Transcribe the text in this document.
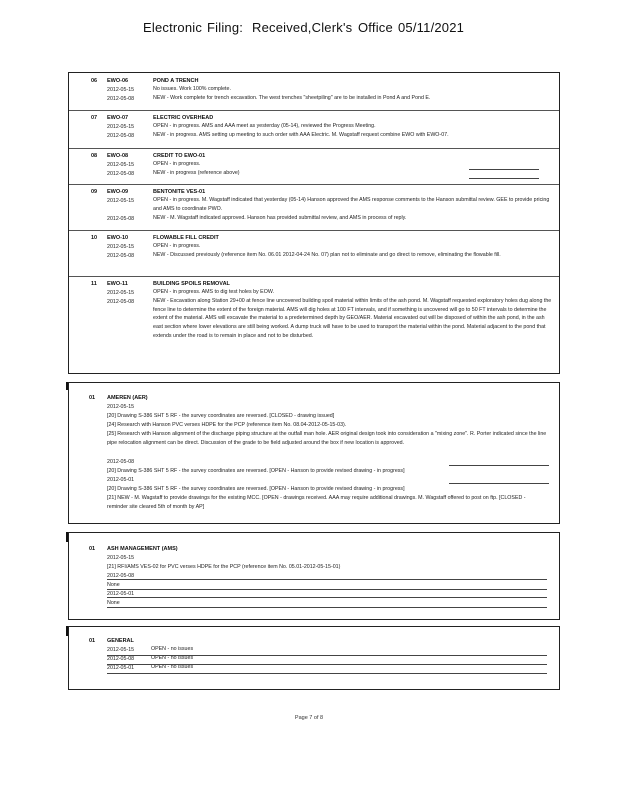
Electronic Filing: Received,Clerk's Office 05/11/2021
06 EWO-06	POND A TRENCH
2012-05-15	No issues. Work 100% complete.
2012-05-08	NEW - Work complete for trench excavation. The west trenches "sheetpiling" are to be installed in Pond A and Pond E.
07 EWO-07	ELECTRIC OVERHEAD
2012-05-15	OPEN - in progress. AMS and AAA meet as yesterday (05-14), reviewed the Progress Meeting.
2012-05-08	NEW - in progress. AMS setting up meeting to such order with AAA Electric. M. Wagstaff request combine EWO with EWO-07.
08 EWO-08	CREDIT TO EWO-01
2012-05-15	OPEN - in progress.
2012-05-08	NEW - in progress (reference above)
09 EWO-09	BENTONITE VES-01
2012-05-15	OPEN - in progress. M. Wagstaff indicated that yesterday (05-14) Hanson approved the AMS response comments to the Hanson submittal review. GEE to provide pricing and AMS to coordinate PWO.
2012-05-08	NEW - M. Wagstaff indicated approved. Hanson has provided submittal review, and AMS in process of reply.
10 EWO-10	FLOWABLE FILL CREDIT
2012-05-15	OPEN - in progress.
2012-05-08	NEW - Discussed previously (reference item No. 06.01 2012-04-24 No. 07) plan not to eliminate and go direct to remove, eliminating the flowable fill.
11 EWO-11	BUILDING SPOILS REMOVAL
2012-05-15	OPEN - in progress. AMS to dig test holes by EOW.
2012-05-08	NEW - Excavation along Station 29+00 at fence line uncovered building spoil material within limits of the ash pond. M. Wagstaff requested exploratory holes dug along the fence line to determine the extent of the foreign material. AMS will dig holes at 100 FT intervals, and if something is uncovered will go to 50 FT intervals to determine the extent of the material. AMS will excavate the material to a predetermined depth by GEO/AER. Material excavated out will be disposed of within the ash pond, in the ash east section where lower elevations are still being worked. A dump truck will have to be used to transport the material within the pond. Material adjacent to the pond that extends under the road is to remain in place and not to be disturbed.
01 AMEREN (AER)
2012-05-15
[20] Drawing S-386 SHT 5 RF - the survey coordinates are reversed. [CLOSED - drawing issued]
[24] Research with Hanson PVC verses HDPE for the PCP (reference item No. 08.04-2012-05-15-03).
[25] Research with Hanson alignment of the discharge piping structure at the outfall man hole. AER original design took into consideration a "mixing zone". R. Porter indicated since the line pipe relocation alignment can be direct. Discussion of the grade to be field adjusted around the box if new location is approved.
2012-05-08
[20] Drawing S-386 SHT 5 RF - the survey coordinates are reversed. [OPEN - Hanson to provide revised drawing - in progress]
2012-05-01
[20] Drawing S-386 SHT 5 RF - the survey coordinates are reversed. [OPEN - Hanson to provide revised drawing - in progress]
[21] NEW - M. Wagstaff to provide drawings for the existing MCC. [OPEN - drawings received. AAA may require additional drawings. M. Wagstaff offered to post on ftp. [CLOSED - reminder site cleared 5th of month by AP]
01 ASH MANAGEMENT (AMS)
2012-05-15
[21] RFI/AMS VES-02 for PVC verses HDPE for the PCP (reference item No. 05.01-2012-05-15-01)
2012-05-08
None
2012-05-01
None
01 GENERAL
2012-05-15	OPEN - no issues
2012-05-08	OPEN - no issues
2012-05-01	OPEN - no issues
Page 7 of 8
